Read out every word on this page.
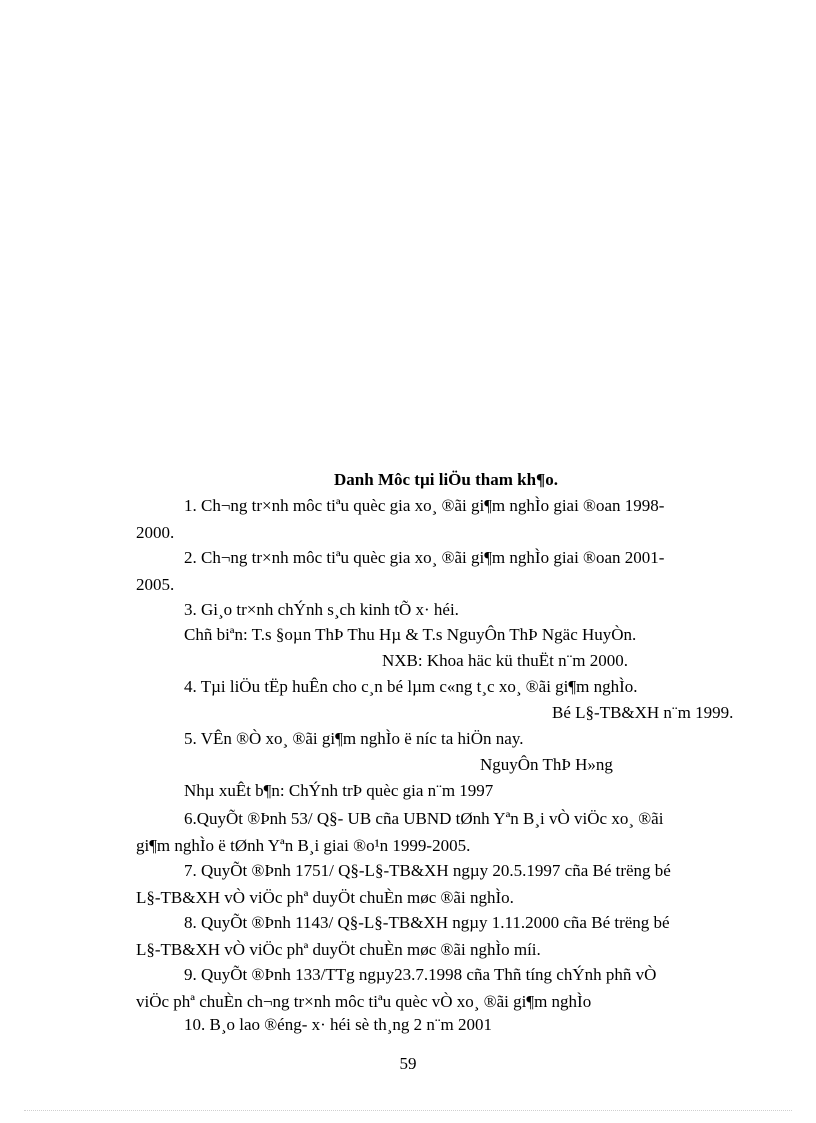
Danh Môc tµi liÖu tham kh¶o.
1. Ch¬ng tr×nh môc tiªu quèc gia xo¸ ®ãi gi¶m nghÌo giai ®oan 1998-
2000.
2. Ch¬ng tr×nh môc tiªu quèc gia xo¸ ®ãi gi¶m nghÌo giai ®oan 2001-
2005.
3. Gi¸o tr×nh chÝnh s¸ch kinh tÕ x· héi.
Chñ biªn: T.s §oµn ThÞ Thu Hµ & T.s NguyÔn ThÞ Ngäc HuyÒn.
NXB: Khoa häc kü thuËt n¨m 2000.
4. Tµi liÖu tËp huÊn cho c¸n bé lµm c«ng t¸c xo¸ ®ãi gi¶m nghÌo.
Bé L§-TB&XH n¨m 1999.
5. VÊn ®Ò xo¸ ®ãi gi¶m nghÌo ë níc ta hiÖn nay.
NguyÔn ThÞ H»ng
Nhµ xuÊt b¶n: ChÝnh trÞ quèc gia n¨m 1997
6.QuyÕt ®Þnh 53/ Q§- UB cña UBND tØnh Yªn B¸i vÒ viÖc xo¸ ®ãi
gi¶m nghÌo ë tØnh Yªn B¸i giai ®o¹n 1999-2005.
7. QuyÕt ®Þnh 1751/ Q§-L§-TB&XH ngµy 20.5.1997 cña Bé trëng bé
L§-TB&XH vÒ viÖc phª duyÖt chuÈn møc ®ãi nghÌo.
8. QuyÕt ®Þnh 1143/ Q§-L§-TB&XH ngµy 1.11.2000 cña Bé trëng bé
L§-TB&XH vÒ viÖc phª duyÖt chuÈn møc ®ãi nghÌo míi.
9. QuyÕt ®Þnh 133/TTg ngµy23.7.1998 cña Thñ tíng chÝnh phñ vÒ
viÖc phª chuÈn ch¬ng tr×nh môc tiªu quèc vÒ xo¸ ®ãi gi¶m nghÌo
10. B¸o lao ®éng- x· héi sè th¸ng 2 n¨m 2001
59
